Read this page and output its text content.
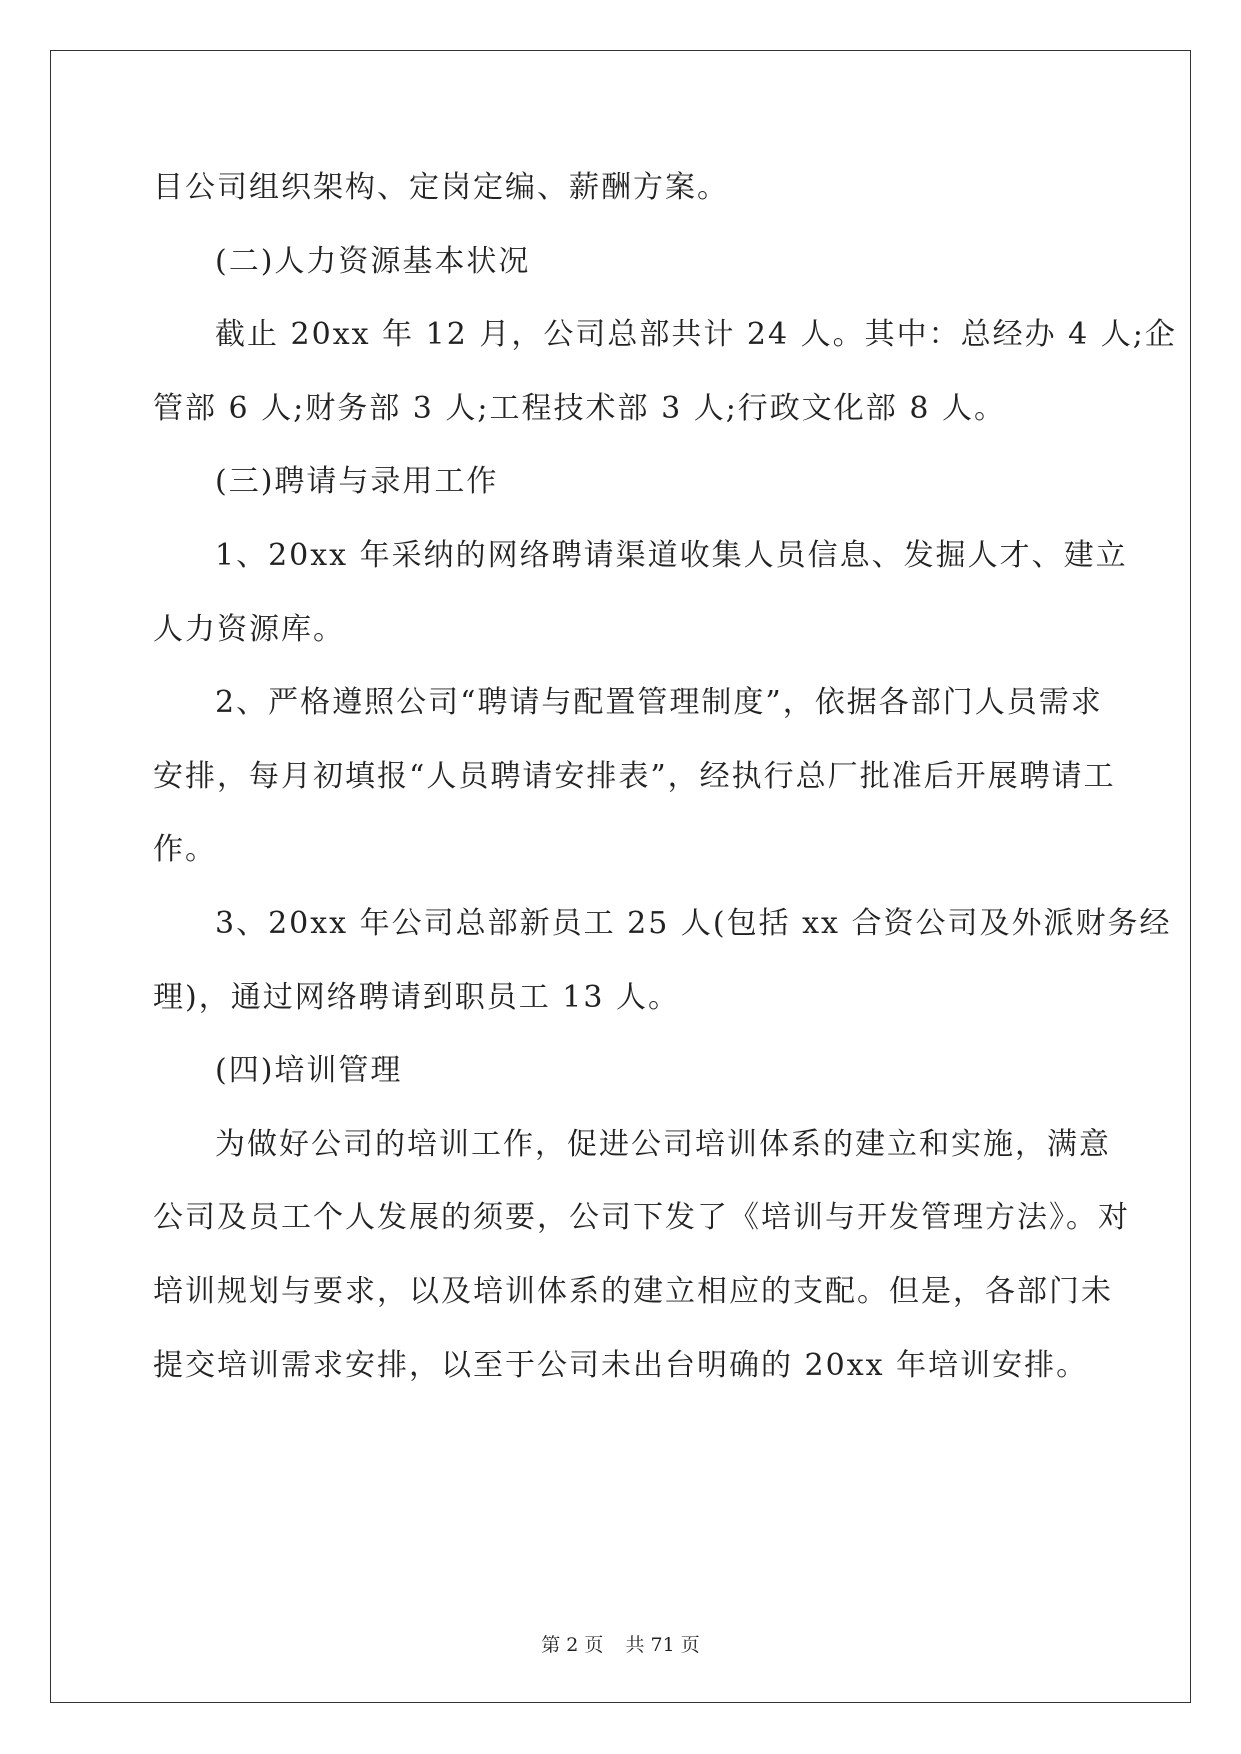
目公司组织架构、定岗定编、薪酬方案。
(二)人力资源基本状况
截止 20xx 年 12 月，公司总部共计 24 人。其中：总经办 4 人;企
管部 6 人;财务部 3 人;工程技术部 3 人;行政文化部 8 人。
(三)聘请与录用工作
1、20xx 年采纳的网络聘请渠道收集人员信息、发掘人才、建立
人力资源库。
2、严格遵照公司“聘请与配置管理制度”，依据各部门人员需求
安排，每月初填报“人员聘请安排表”，经执行总厂批准后开展聘请工
作。
3、20xx 年公司总部新员工 25 人(包括 xx 合资公司及外派财务经
理)，通过网络聘请到职员工 13 人。
(四)培训管理
为做好公司的培训工作，促进公司培训体系的建立和实施，满意
公司及员工个人发展的须要，公司下发了《培训与开发管理方法》。对
培训规划与要求，以及培训体系的建立相应的支配。但是，各部门未
提交培训需求安排，以至于公司未出台明确的 20xx 年培训安排。
第 2 页 共 71 页
